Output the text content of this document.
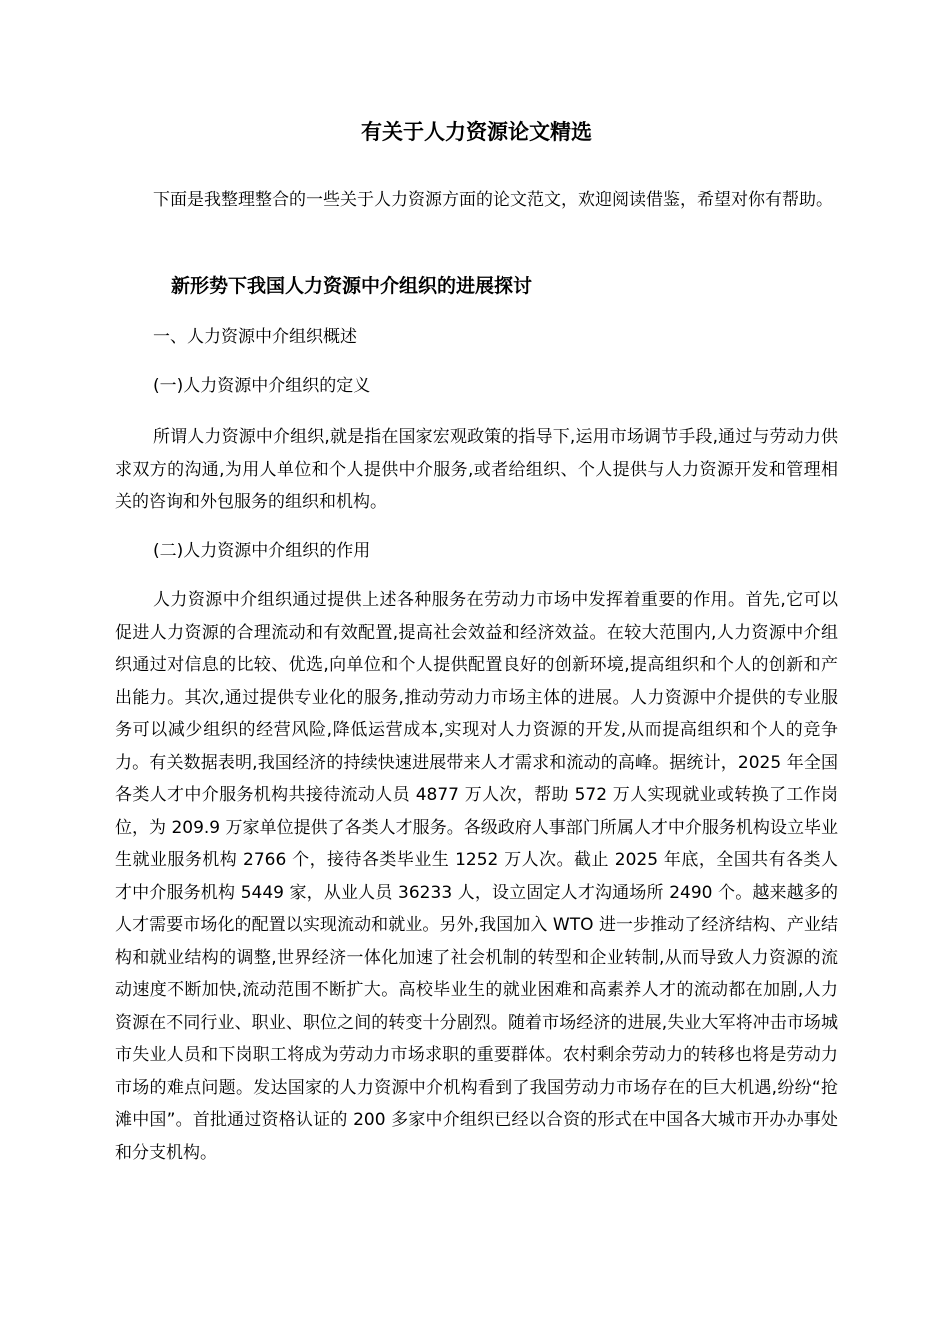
有关于人力资源论文精选

下面是我整理整合的一些关于人力资源方面的论文范文，欢迎阅读借鉴，希望对你有帮助。

新形势下我国人力资源中介组织的进展探讨

一、人力资源中介组织概述

(一)人力资源中介组织的定义

所谓人力资源中介组织,就是指在国家宏观政策的指导下,运用市场调节手段,通过与劳动力供求双方的沟通,为用人单位和个人提供中介服务,或者给组织、个人提供与人力资源开发和管理相关的咨询和外包服务的组织和机构。

(二)人力资源中介组织的作用

人力资源中介组织通过提供上述各种服务在劳动力市场中发挥着重要的作用。首先,它可以促进人力资源的合理流动和有效配置,提高社会效益和经济效益。在较大范围内,人力资源中介组织通过对信息的比较、优选,向单位和个人提供配置良好的创新环境,提高组织和个人的创新和产出能力。其次,通过提供专业化的服务,推动劳动力市场主体的进展。人力资源中介提供的专业服务可以减少组织的经营风险,降低运营成本,实现对人力资源的开发,从而提高组织和个人的竞争力。有关数据表明,我国经济的持续快速进展带来人才需求和流动的高峰。据统计，2025 年全国各类人才中介服务机构共接待流动人员 4877 万人次，帮助 572 万人实现就业或转换了工作岗位，为 209.9 万家单位提供了各类人才服务。各级政府人事部门所属人才中介服务机构设立毕业生就业服务机构 2766 个，接待各类毕业生 1252 万人次。截止 2025 年底，全国共有各类人才中介服务机构 5449 家，从业人员 36233 人，设立固定人才沟通场所 2490 个。越来越多的人才需要市场化的配置以实现流动和就业。另外,我国加入 WTO 进一步推动了经济结构、产业结构和就业结构的调整,世界经济一体化加速了社会机制的转型和企业转制,从而导致人力资源的流动速度不断加快,流动范围不断扩大。高校毕业生的就业困难和高素养人才的流动都在加剧,人力资源在不同行业、职业、职位之间的转变十分剧烈。随着市场经济的进展,失业大军将冲击市场城市失业人员和下岗职工将成为劳动力市场求职的重要群体。农村剩余劳动力的转移也将是劳动力市场的难点问题。发达国家的人力资源中介机构看到了我国劳动力市场存在的巨大机遇,纷纷“抢滩中国”。首批通过资格认证的 200 多家中介组织已经以合资的形式在中国各大城市开办办事处和分支机构。
